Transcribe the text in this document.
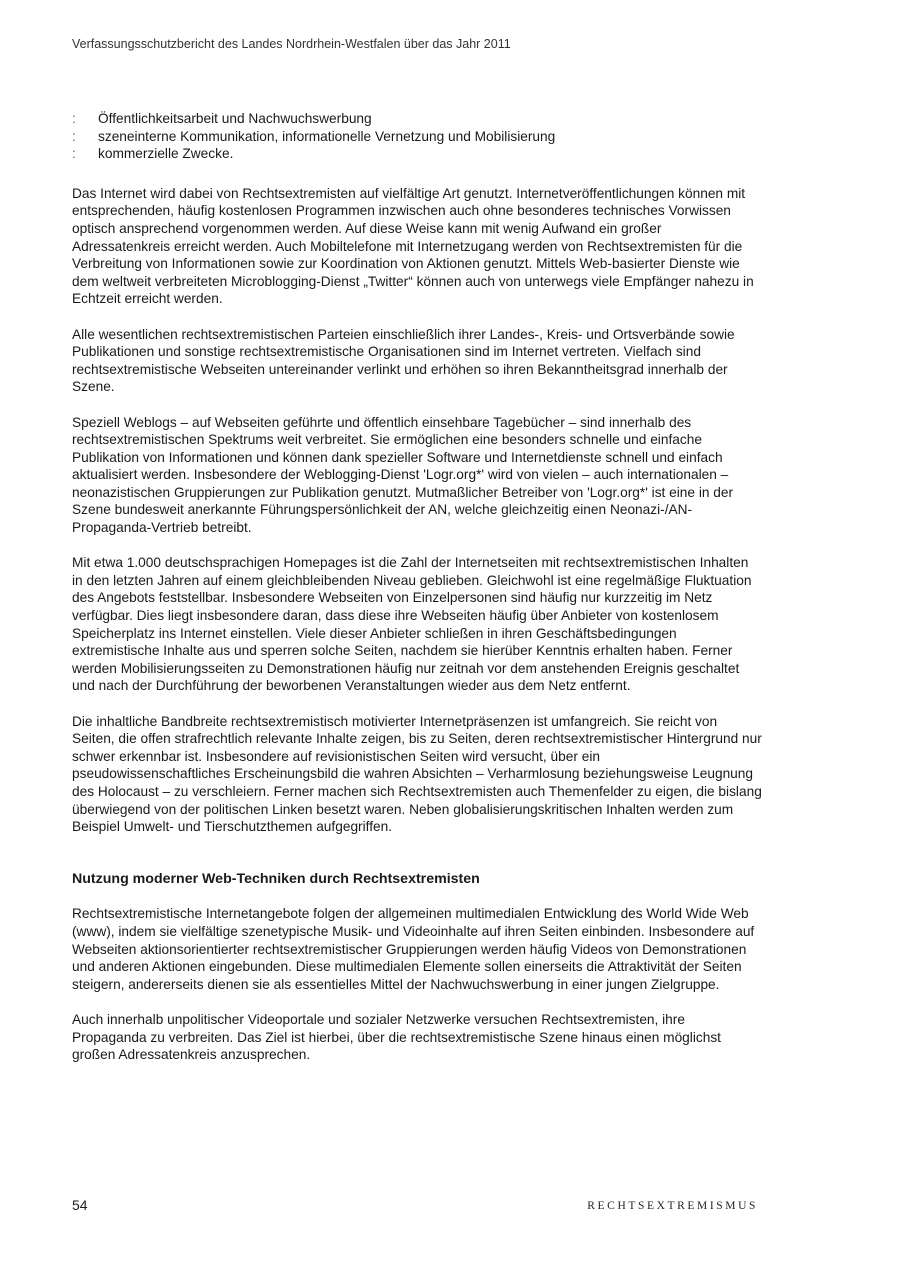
Verfassungsschutzbericht des Landes Nordrhein-Westfalen über das Jahr 2011
:	Öffentlichkeitsarbeit und Nachwuchswerbung
:	szeneinterne Kommunikation, informationelle Vernetzung und Mobilisierung
:	kommerzielle Zwecke.

Das Internet wird dabei von Rechtsextremisten auf vielfältige Art genutzt. Internetveröffentlichungen können mit entsprechenden, häufig kostenlosen Programmen inzwischen auch ohne besonderes technisches Vorwissen optisch ansprechend vorgenommen werden. Auf diese Weise kann mit wenig Aufwand ein großer Adressatenkreis erreicht werden. Auch Mobiltelefone mit Internetzugang werden von Rechtsextremisten für die Verbreitung von Informationen sowie zur Koordination von Aktionen genutzt. Mittels Web-basierter Dienste wie dem weltweit verbreiteten Microblogging-Dienst „Twitter“ können auch von unterwegs viele Empfänger nahezu in Echtzeit erreicht werden.

Alle wesentlichen rechtsextremistischen Parteien einschließlich ihrer Landes-, Kreis- und Ortsverbände sowie Publikationen und sonstige rechtsextremistische Organisationen sind im Internet vertreten. Vielfach sind rechtsextremistische Webseiten untereinander verlinkt und erhöhen so ihren Bekanntheitsgrad innerhalb der Szene.

Speziell Weblogs – auf Webseiten geführte und öffentlich einsehbare Tagebücher – sind innerhalb des rechtsextremistischen Spektrums weit verbreitet. Sie ermöglichen eine besonders schnelle und einfache Publikation von Informationen und können dank spezieller Software und Internetdienste schnell und einfach aktualisiert werden. Insbesondere der Weblogging-Dienst 'Logr.org*' wird von vielen – auch internationalen – neonazistischen Gruppierungen zur Publikation genutzt. Mutmaßlicher Betreiber von 'Logr.org*' ist eine in der Szene bundesweit anerkannte Führungspersönlichkeit der AN, welche gleichzeitig einen Neonazi-/AN-Propaganda-Vertrieb betreibt.

Mit etwa 1.000 deutschsprachigen Homepages ist die Zahl der Internetseiten mit rechtsextremistischen Inhalten in den letzten Jahren auf einem gleichbleibenden Niveau geblieben. Gleichwohl ist eine regelmäßige Fluktuation des Angebots feststellbar. Insbesondere Webseiten von Einzelpersonen sind häufig nur kurzzeitig im Netz verfügbar. Dies liegt insbesondere daran, dass diese ihre Webseiten häufig über Anbieter von kostenlosem Speicherplatz ins Internet einstellen. Viele dieser Anbieter schließen in ihren Geschäftsbedingungen extremistische Inhalte aus und sperren solche Seiten, nachdem sie hierüber Kenntnis erhalten haben. Ferner werden Mobilisierungsseiten zu Demonstrationen häufig nur zeitnah vor dem anstehenden Ereignis geschaltet und nach der Durchführung der beworbenen Veranstaltungen wieder aus dem Netz entfernt.

Die inhaltliche Bandbreite rechtsextremistisch motivierter Internetpräsenzen ist umfangreich. Sie reicht von Seiten, die offen strafrechtlich relevante Inhalte zeigen, bis zu Seiten, deren rechtsextremistischer Hintergrund nur schwer erkennbar ist. Insbesondere auf revisionistischen Seiten wird versucht, über ein pseudowissenschaftliches Erscheinungsbild die wahren Absichten – Verharmlosung beziehungsweise Leugnung des Holocaust – zu verschleiern. Ferner machen sich Rechtsextremisten auch Themenfelder zu eigen, die bislang überwiegend von der politischen Linken besetzt waren. Neben globalisierungskritischen Inhalten werden zum Beispiel Umwelt- und Tierschutzthemen aufgegriffen.

Nutzung moderner Web-Techniken durch Rechtsextremisten

Rechtsextremistische Internetangebote folgen der allgemeinen multimedialen Entwicklung des World Wide Web (www), indem sie vielfältige szenetypische Musik- und Videoinhalte auf ihren Seiten einbinden. Insbesondere auf Webseiten aktionsorientierter rechtsextremistischer Gruppierungen werden häufig Videos von Demonstrationen und anderen Aktionen eingebunden. Diese multimedialen Elemente sollen einerseits die Attraktivität der Seiten steigern, andererseits dienen sie als essentielles Mittel der Nachwuchswerbung in einer jungen Zielgruppe.

Auch innerhalb unpolitischer Videoportale und sozialer Netzwerke versuchen Rechtsextremisten, ihre Propaganda zu verbreiten. Das Ziel ist hierbei, über die rechtsextremistische Szene hinaus einen möglichst großen Adressatenkreis anzusprechen.

54	RECHTSEXTREMISMUS
